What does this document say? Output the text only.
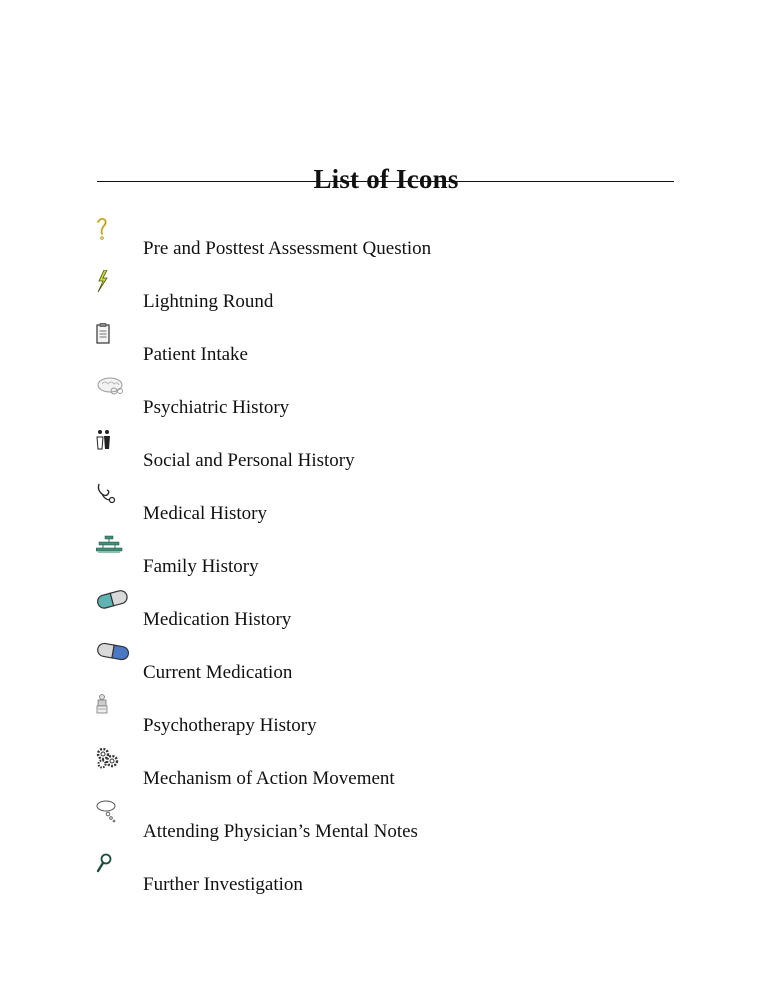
List of Icons
Pre and Posttest Assessment Question
Lightning Round
Patient Intake
Psychiatric History
Social and Personal History
Medical History
Family History
Medication History
Current Medication
Psychotherapy History
Mechanism of Action Movement
Attending Physician’s Mental Notes
Further Investigation
